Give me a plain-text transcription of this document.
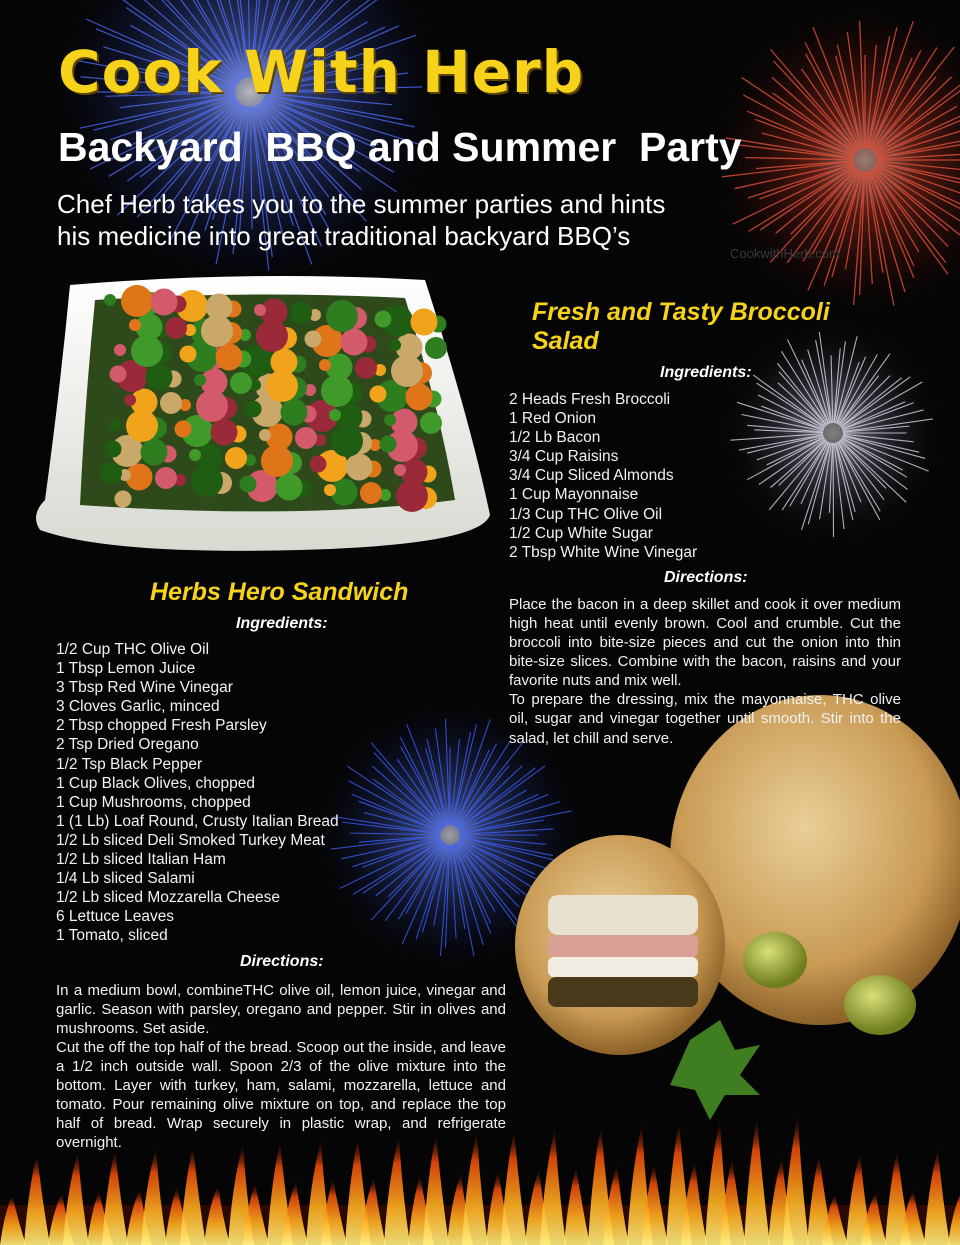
Cook With Herb
Backyard  BBQ and Summer  Party
Chef Herb takes you to the summer parties and hints
his medicine into great traditional backyard BBQ’s
CookwithHerb.com
Fresh and Tasty Broccoli Salad
Ingredients:
2 Heads Fresh Broccoli
1 Red Onion
1/2 Lb Bacon
3/4 Cup Raisins
3/4 Cup Sliced Almonds
1 Cup Mayonnaise
1/3 Cup THC Olive Oil
1/2 Cup White Sugar
2 Tbsp White Wine Vinegar
Directions:

Place the bacon in a deep skillet and cook it over medium high heat until evenly brown. Cool and crumble. Cut the broccoli into bite-size pieces and cut the onion into thin bite-size slices. Combine with the bacon, raisins and your favorite nuts and mix well.

To prepare the dressing, mix the mayonnaise, THC olive oil, sugar and vinegar together until smooth. Stir into the salad, let chill and serve.

Herbs Hero Sandwich
Ingredients:
1/2 Cup THC Olive Oil
1 Tbsp Lemon Juice
3 Tbsp Red Wine Vinegar
3 Cloves Garlic, minced
2 Tbsp chopped Fresh Parsley
2 Tsp Dried Oregano
1/2 Tsp Black Pepper
1 Cup Black Olives, chopped
1 Cup Mushrooms, chopped
1 (1 Lb) Loaf Round, Crusty Italian Bread
1/2 Lb sliced Deli Smoked Turkey Meat
1/2 Lb sliced Italian Ham
1/4 Lb sliced Salami
1/2 Lb sliced Mozzarella Cheese
6 Lettuce Leaves
1 Tomato, sliced
Directions:

In a medium bowl, combineTHC olive oil, lemon juice, vinegar and garlic. Season with parsley, oregano and pepper. Stir in olives and mushrooms. Set aside.

Cut the off the top half of the bread. Scoop out the inside, and leave a 1/2 inch outside wall. Spoon 2/3 of the olive mixture into the bottom. Layer with turkey, ham, salami, mozzarella, lettuce and tomato. Pour remaining olive mixture on top, and replace the top half of bread. Wrap securely in plastic wrap, and refrigerate overnight.
